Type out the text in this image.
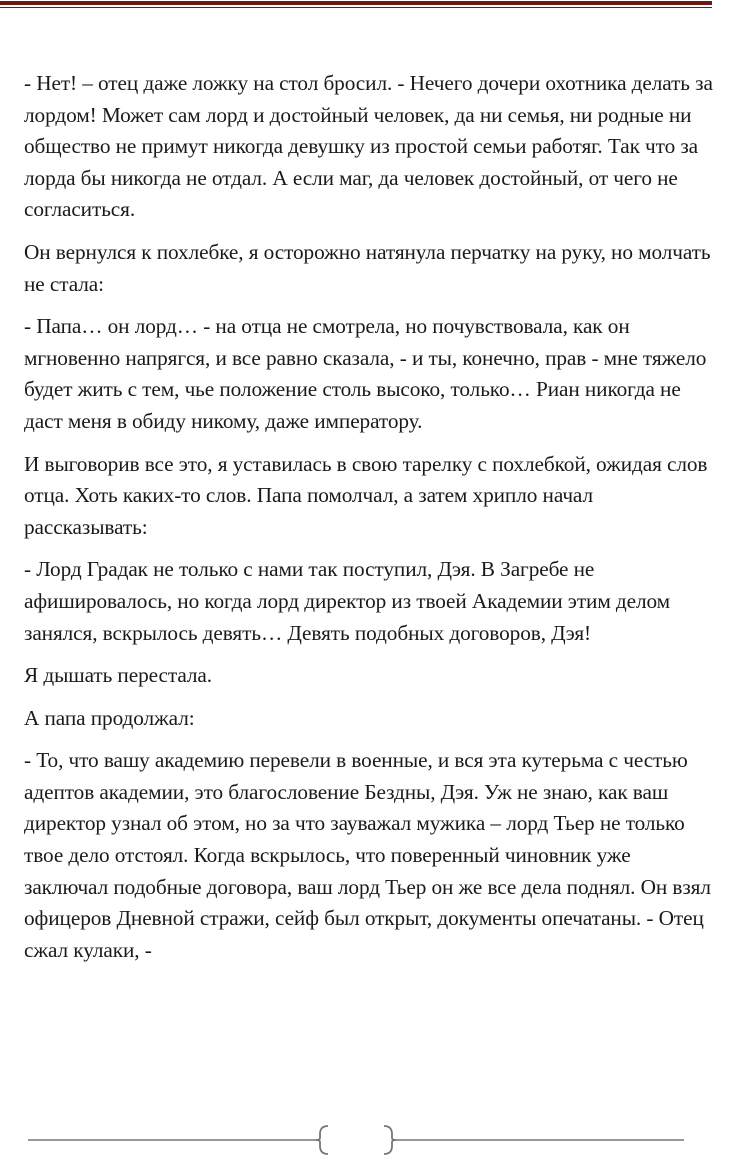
- Нет! – отец даже ложку на стол бросил. - Нечего дочери охотника делать за лордом! Может сам лорд и достойный человек, да ни семья, ни родные ни общество не примут никогда девушку из простой семьи работяг. Так что за лорда бы никогда не отдал. А если маг, да человек достойный, от чего не согласиться.

Он вернулся к похлебке, я осторожно натянула перчатку на руку, но молчать не стала:

- Папа… он лорд… - на отца не смотрела, но почувствовала, как он мгновенно напрягся, и все равно сказала, - и ты, конечно, прав - мне тяжело будет жить с тем, чье положение столь высоко, только… Риан никогда не даст меня в обиду никому, даже императору.

И выговорив все это, я уставилась в свою тарелку с похлебкой, ожидая слов отца. Хоть каких-то слов. Папа помолчал, а затем хрипло начал рассказывать:

- Лорд Градак не только с нами так поступил, Дэя. В Загребе не афишировалось, но когда лорд директор из твоей Академии этим делом занялся, вскрылось девять… Девять подобных договоров, Дэя!

Я дышать перестала.

А папа продолжал:

- То, что вашу академию перевели в военные, и вся эта кутерьма с честью адептов академии, это благословение Бездны, Дэя. Уж не знаю, как ваш директор узнал об этом, но за что зауважал мужика – лорд Тьер не только твое дело отстоял. Когда вскрылось, что поверенный чиновник уже заключал подобные договора, ваш лорд Тьер он же все дела поднял. Он взял офицеров Дневной стражи, сейф был открыт, документы опечатаны. - Отец сжал кулаки, -
